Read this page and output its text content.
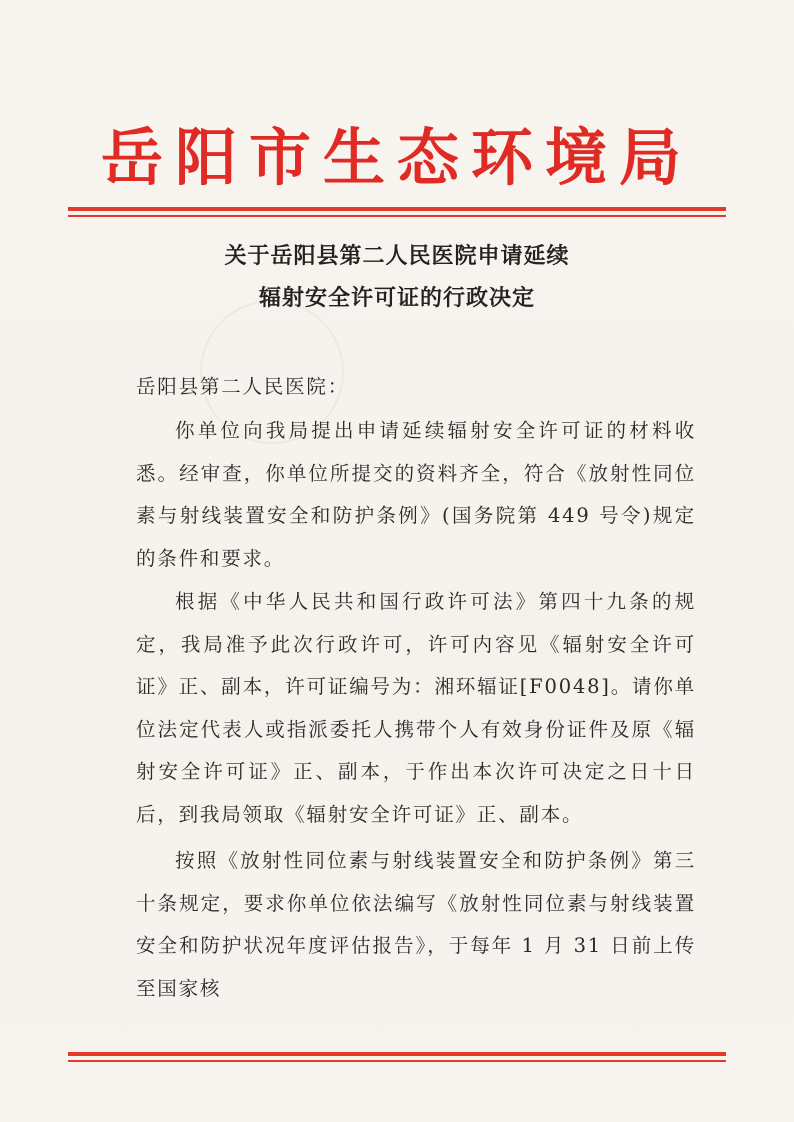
岳阳市生态环境局
关于岳阳县第二人民医院申请延续
辐射安全许可证的行政决定
岳阳县第二人民医院：
你单位向我局提出申请延续辐射安全许可证的材料收悉。经审查，你单位所提交的资料齐全，符合《放射性同位素与射线装置安全和防护条例》(国务院第 449 号令)规定的条件和要求。
根据《中华人民共和国行政许可法》第四十九条的规定，我局准予此次行政许可，许可内容见《辐射安全许可证》正、副本，许可证编号为：湘环辐证[F0048]。请你单位法定代表人或指派委托人携带个人有效身份证件及原《辐射安全许可证》正、副本，于作出本次许可决定之日十日后，到我局领取《辐射安全许可证》正、副本。
按照《放射性同位素与射线装置安全和防护条例》第三十条规定，要求你单位依法编写《放射性同位素与射线装置安全和防护状况年度评估报告》，于每年 1 月 31 日前上传至国家核
